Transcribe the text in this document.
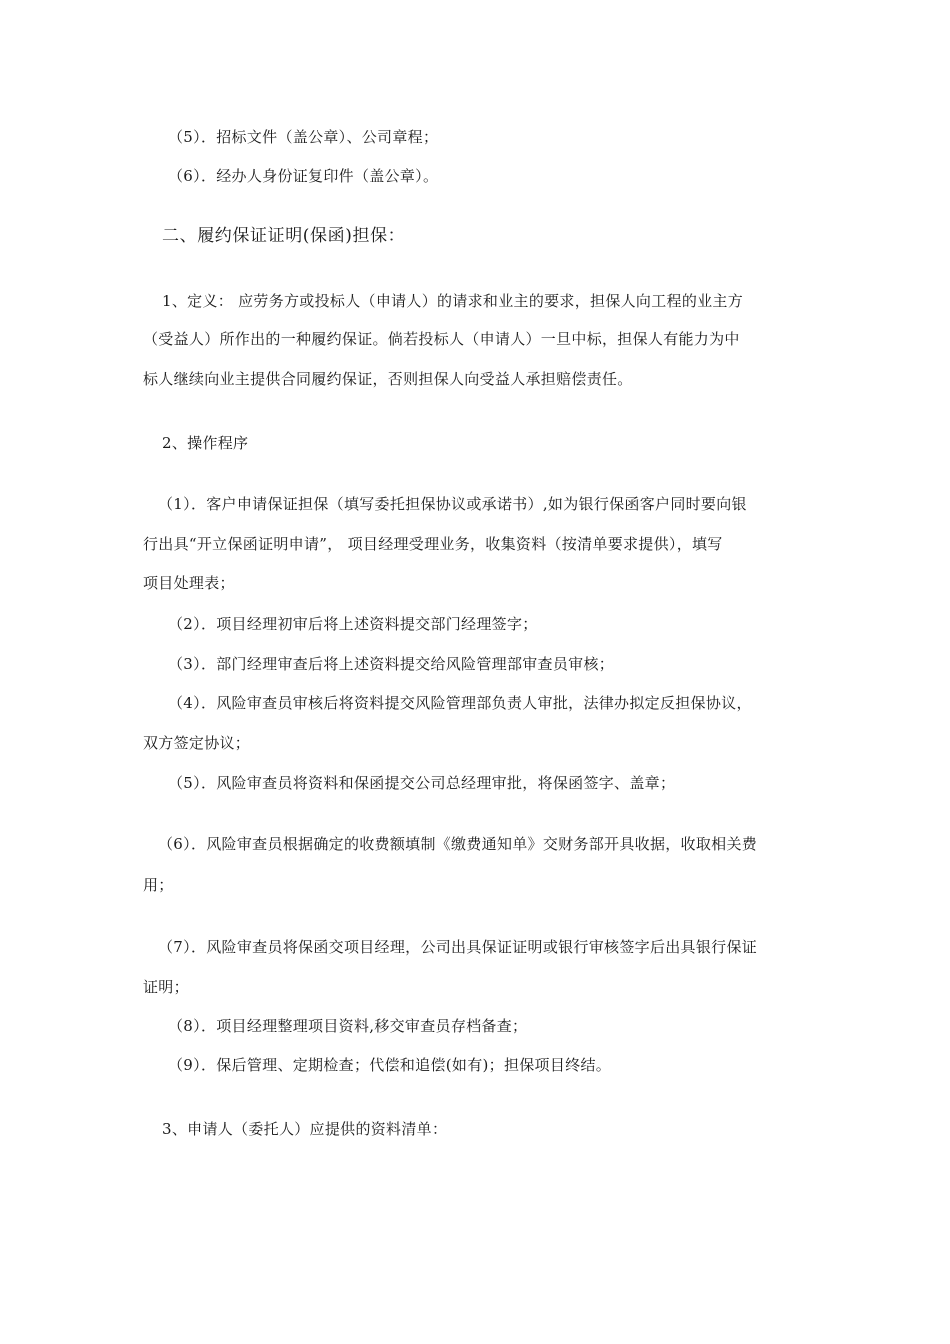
（5）．招标文件（盖公章）、公司章程；
（6）．经办人身份证复印件（盖公章）。
二、履约保证证明(保函)担保：
1、定义： 应劳务方或投标人（申请人）的请求和业主的要求，担保人向工程的业主方
（受益人）所作出的一种履约保证。倘若投标人（申请人）一旦中标，担保人有能力为中
标人继续向业主提供合同履约保证，否则担保人向受益人承担赔偿责任。
2、操作程序
（1）．客户申请保证担保（填写委托担保协议或承诺书）,如为银行保函客户同时要向银
行出具“开立保函证明申请”， 项目经理受理业务，收集资料（按清单要求提供），填写
项目处理表；
（2）．项目经理初审后将上述资料提交部门经理签字；
（3）．部门经理审查后将上述资料提交给风险管理部审查员审核；
（4）．风险审查员审核后将资料提交风险管理部负责人审批，法律办拟定反担保协议，
双方签定协议；
（5）．风险审查员将资料和保函提交公司总经理审批，将保函签字、盖章；
（6）．风险审查员根据确定的收费额填制《缴费通知单》交财务部开具收据，收取相关费
用；
（7）．风险审查员将保函交项目经理，公司出具保证证明或银行审核签字后出具银行保证
证明；
（8）．项目经理整理项目资料,移交审查员存档备查；
（9）．保后管理、定期检查；代偿和追偿(如有)；担保项目终结。
3、申请人（委托人）应提供的资料清单：
